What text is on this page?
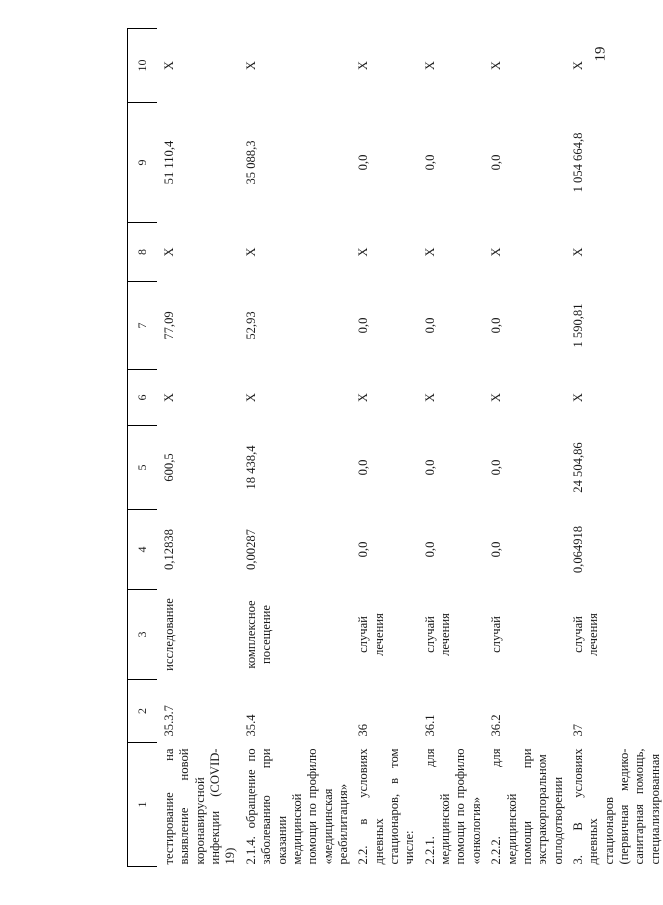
19
1	2	3	4	5	6	7	8	9	10
тестирование на выявление новой коронавирусной инфекции (COVID-19)	35.3.7	исследование	0,12838	600,5	X	77,09	X	51 110,4	X
2.1.4. обращение по заболеванию при оказании медицинской помощи по профилю «медицинская реабилитация»	35.4	комплексное посещение	0,00287	18 438,4	X	52,93	X	35 088,3	X
2.2. в условиях дневных стационаров, в том числе:	36	случай лечения	0,0	0,0	X	0,0	X	0,0	X
2.2.1. для медицинской помощи по профилю «онкология»	36.1	случай лечения	0,0	0,0	X	0,0	X	0,0	X
2.2.2. для медицинской помощи при экстракорпоральном оплодотворении	36.2	случай	0,0	0,0	X	0,0	X	0,0	X
3. В условиях дневных стационаров (первичная медико-санитарная помощь, специализированная	37	случай лечения	0,064918	24 504,86	X	1 590,81	X	1 054 664,8	X
